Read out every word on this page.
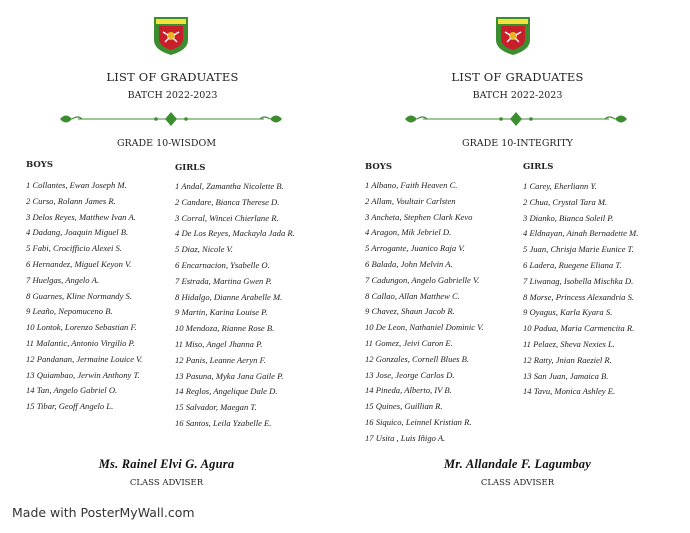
LIST OF GRADUATES
BATCH 2022-2023
GRADE 10-WISDOM
BOYS	GIRLS
1 Collantes, Ewan Joseph M.
2 Curso, Rolann James R.
3 Delos Reyes, Matthew Ivan A.
4 Dadang, Joaquin Miguel B.
5 Fabi, Crocifficio Alexei S.
6 Hernandez, Miguel Keyon V.
7 Huelgas, Angelo A.
8 Guarnes, Kline Normandy S.
9 Leaño, Nepomuceno B.
10 Lontok, Lorenzo Sebastian F.
11 Malantic, Antonio Virgilio P.
12 Pandanan, Jermaine Louice V.
13 Quiambao, Jerwin Anthony T.
14 Tan, Angelo Gabriel O.
15 Tibar, Geoff Angelo L.
1 Andal, Zamantha Nicolette B.
2 Candare, Bianca Therese D.
3 Corral, Wincei Chierlane R.
4 De Los Reyes, Mackayla Jada R.
5 Diaz, Nicole V.
6 Encarnacion, Ysabelle O.
7 Estrada, Martina Gwen P.
8 Hidalgo, Dianne Arabelle M.
9 Martin, Karina Louise P.
10 Mendoza, Rianne Rose B.
11 Miso, Angel Jhanna P.
12 Panis, Leanne Aeryn F.
13 Pasuna, Myka Jana Gaile P.
14 Reglos, Angelique Dale D.
15 Salvador, Maegan T.
16 Santos, Leila Yzabelle E.
Ms. Rainel Elvi G. Agura
CLASS ADVISER
LIST OF GRADUATES
BATCH 2022-2023
GRADE 10-INTEGRITY
BOYS	GIRLS
1 Albano, Faith Heaven C.
2 Allam, Voultair Carlsten
3 Ancheta, Stephen Clark Kevo
4 Aragon, Mik Jebriel D.
5 Arrogante, Juanico Raja V.
6 Balada, John Melvin A.
7 Cadungon, Angelo Gabrielle V.
8 Callao, Allan Matthew C.
9 Chavez, Shaun Jacob R.
10 De Leon, Nathaniel Dominic V.
11 Gomez, Jeivi Caron E.
12 Gonzales, Cornell Blues B.
13 Jose, Jeorge Carlos D.
14 Pineda, Alberto, IV B.
15 Quines, Guillian R.
16 Siquico, Leinnel Kristian R.
17 Usita , Luis Iñigo A.
1 Carey, Eherliann Y.
2 Chua, Crystal Tara M.
3 Dianko, Bianca Soleil P.
4 Eldnayan, Ainah Bernadette M.
5 Juan, Chrisja Marie Eunice T.
6 Ladera, Ruegene Eliana T.
7 Liwanag, Isobella Mischka D.
8 Morse, Princess Alexandria S.
9 Oyagus, Karla Kyara S.
10 Padua, Maria Carmencita R.
11 Pelaez, Sheva Nexies L.
12 Ratty, Jnian Raeziel R.
13 San Juan, Jamaica B.
14 Tavu, Monica Ashley E.
Mr. Allandale F. Lagumbay
CLASS ADVISER
Made with PosterMyWall.com
